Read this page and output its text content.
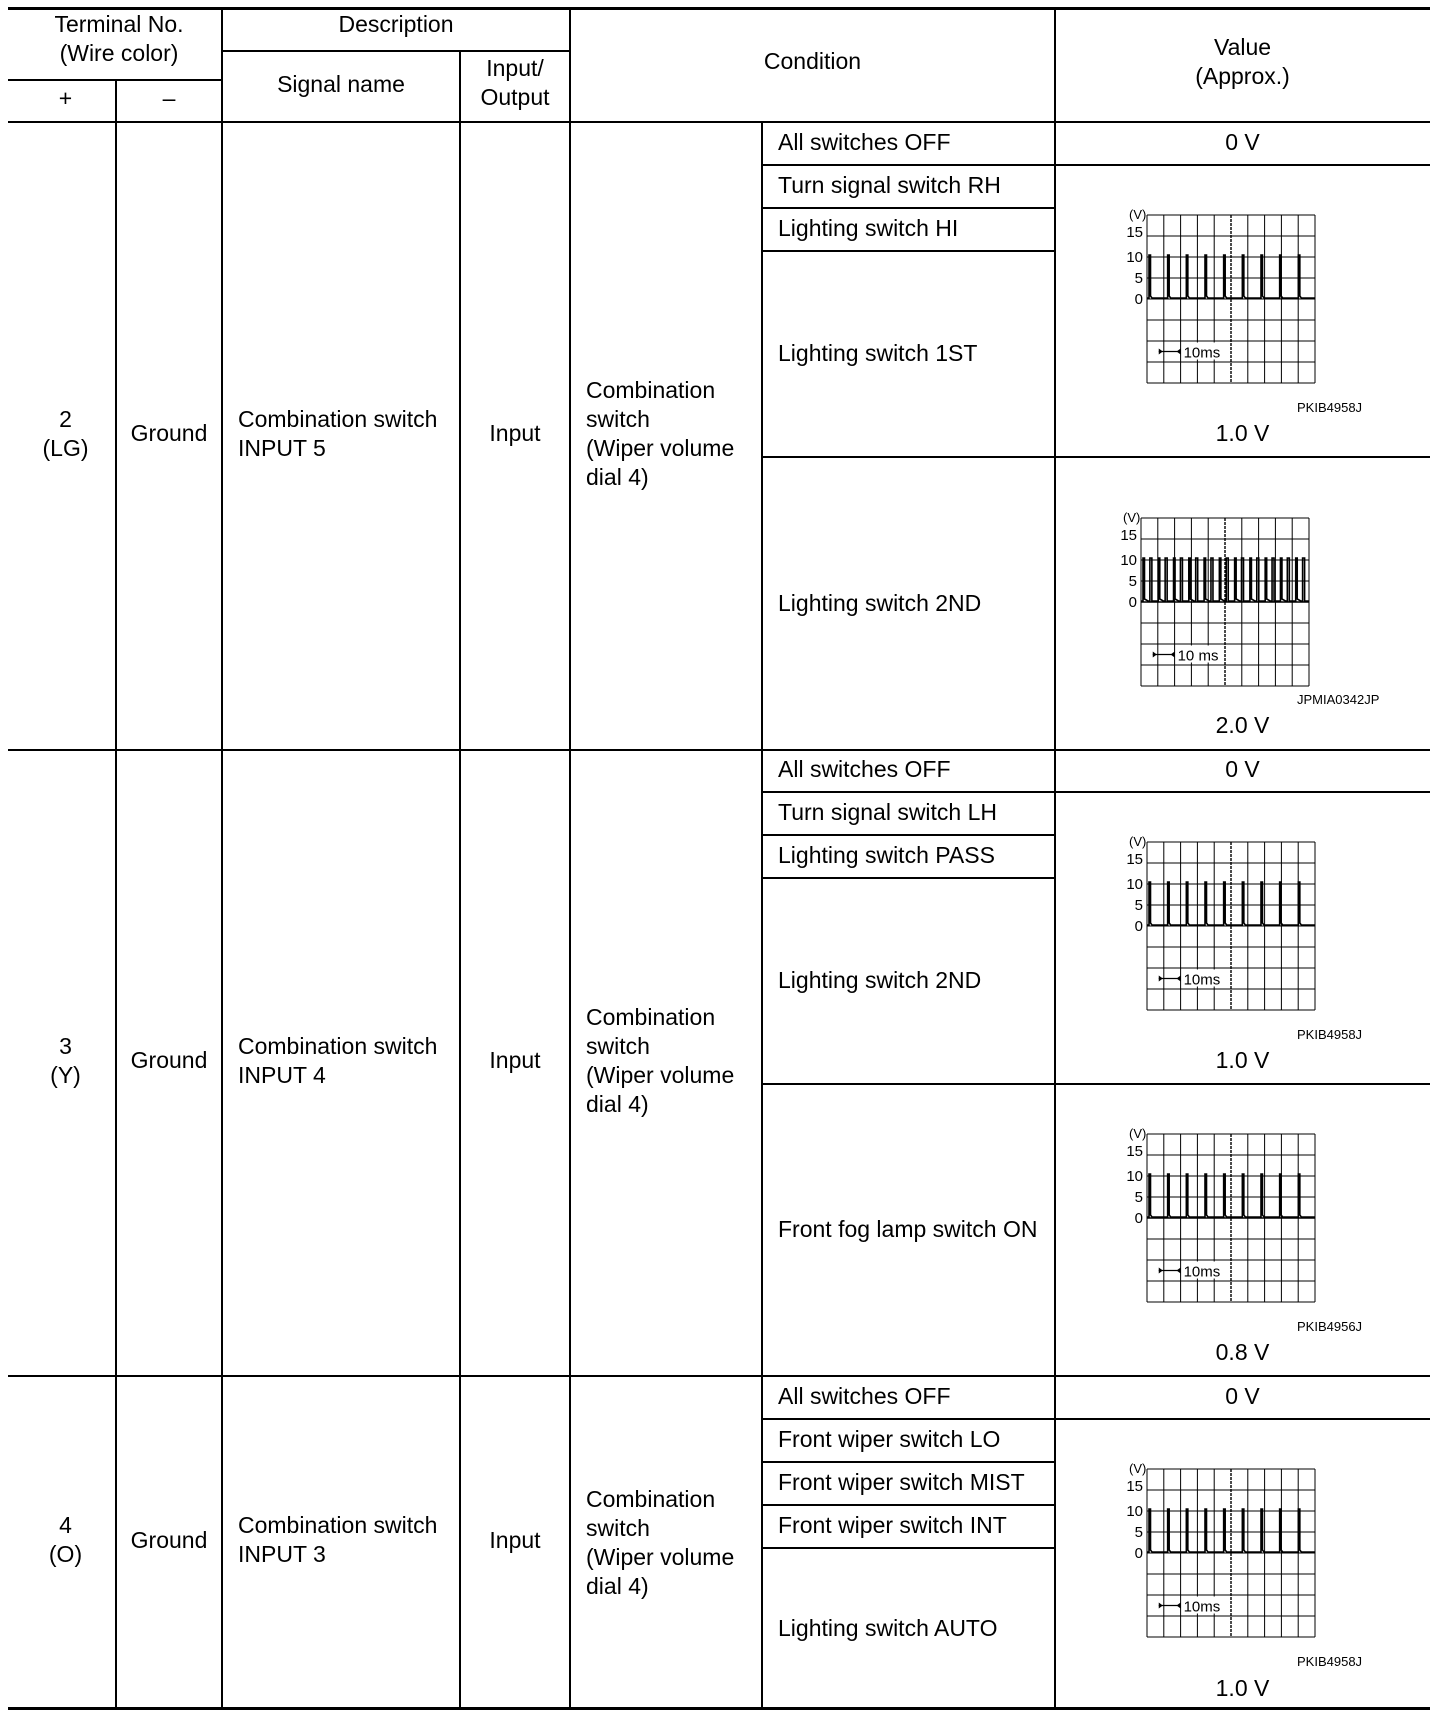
Terminal No.
(Wire color)
+	–
Description
Signal name
Input/
Output
Condition
Value
(Approx.)
2
(LG)
Ground
Combination switch
INPUT 5
Input
Combination
switch
(Wiper volume
dial 4)
All switches OFF
Turn signal switch RH
Lighting switch HI
Lighting switch 1ST
Lighting switch 2ND
0 V
(V)
15
10
5
0
10ms
PKIB4958J
1.0 V
(V)
15
10
5
0
10 ms
JPMIA0342JP
2.0 V
3
(Y)
Ground
Combination switch
INPUT 4
Input
Combination
switch
(Wiper volume
dial 4)
All switches OFF
Turn signal switch LH
Lighting switch PASS
Lighting switch 2ND
Front fog lamp switch ON
0 V
(V)
15
10
5
0
10ms
PKIB4958J
1.0 V
(V)
15
10
5
0
10ms
PKIB4956J
0.8 V
4
(O)
Ground
Combination switch
INPUT 3
Input
Combination
switch
(Wiper volume
dial 4)
All switches OFF
Front wiper switch LO
Front wiper switch MIST
Front wiper switch INT
Lighting switch AUTO
0 V
(V)
15
10
5
0
10ms
PKIB4958J
1.0 V
